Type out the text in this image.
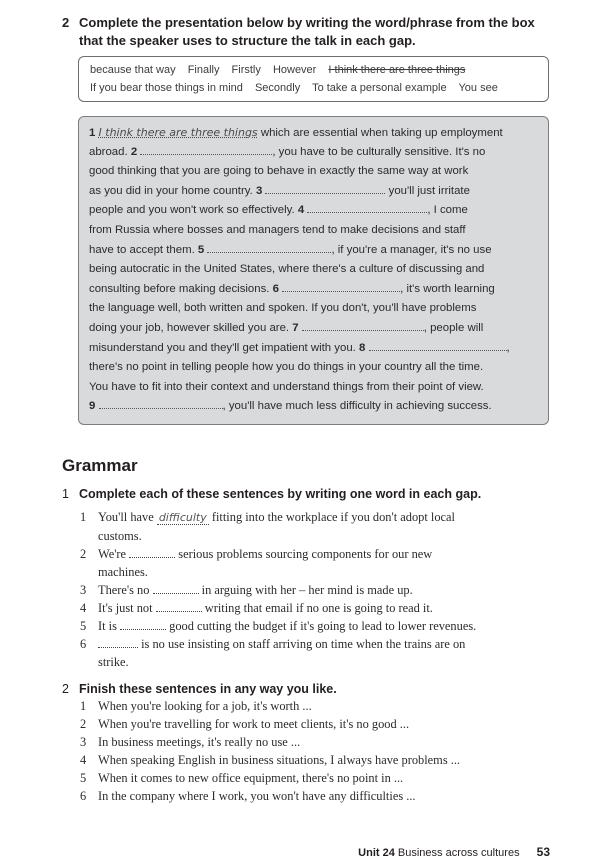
2 Complete the presentation below by writing the word/phrase from the box that the speaker uses to structure the talk in each gap.
because that way Finally Firstly However I think there are three things
If you bear those things in mind Secondly To take a personal example You see
1 I think there are three things which are essential when taking up employment
abroad. 2	, you have to be culturally sensitive. It's no
good thinking that you are going to behave in exactly the same way at work
as you did in your home country. 3	you'll just irritate
people and you won't work so effectively. 4	, I come
from Russia where bosses and managers tend to make decisions and staff
have to accept them. 5	, if you're a manager, it's no use
being autocratic in the United States, where there's a culture of discussing and
consulting before making decisions. 6	, it's worth learning
the language well, both written and spoken. If you don't, you'll have problems
doing your job, however skilled you are. 7	, people will
misunderstand you and they'll get impatient with you. 8	,
there's no point in telling people how you do things in your country all the time.
You have to fit into their context and understand things from their point of view.
9	, you'll have much less difficulty in achieving success.
Grammar
1 Complete each of these sentences by writing one word in each gap.
1 You'll have difficulty fitting into the workplace if you don't adopt local
customs.
2 We're	serious problems sourcing components for our new
machines.
3 There's no	in arguing with her – her mind is made up.
4 It's just not	writing that email if no one is going to read it.
5 It is	good cutting the budget if it's going to lead to lower revenues.
6	is no use insisting on staff arriving on time when the trains are on
strike.
2 Finish these sentences in any way you like.
1 When you're looking for a job, it's worth ...
2 When you're travelling for work to meet clients, it's no good ...
3 In business meetings, it's really no use ...
4 When speaking English in business situations, I always have problems ...
5 When it comes to new office equipment, there's no point in ...
6 In the company where I work, you won't have any difficulties ...
Unit 24 Business across cultures 53
